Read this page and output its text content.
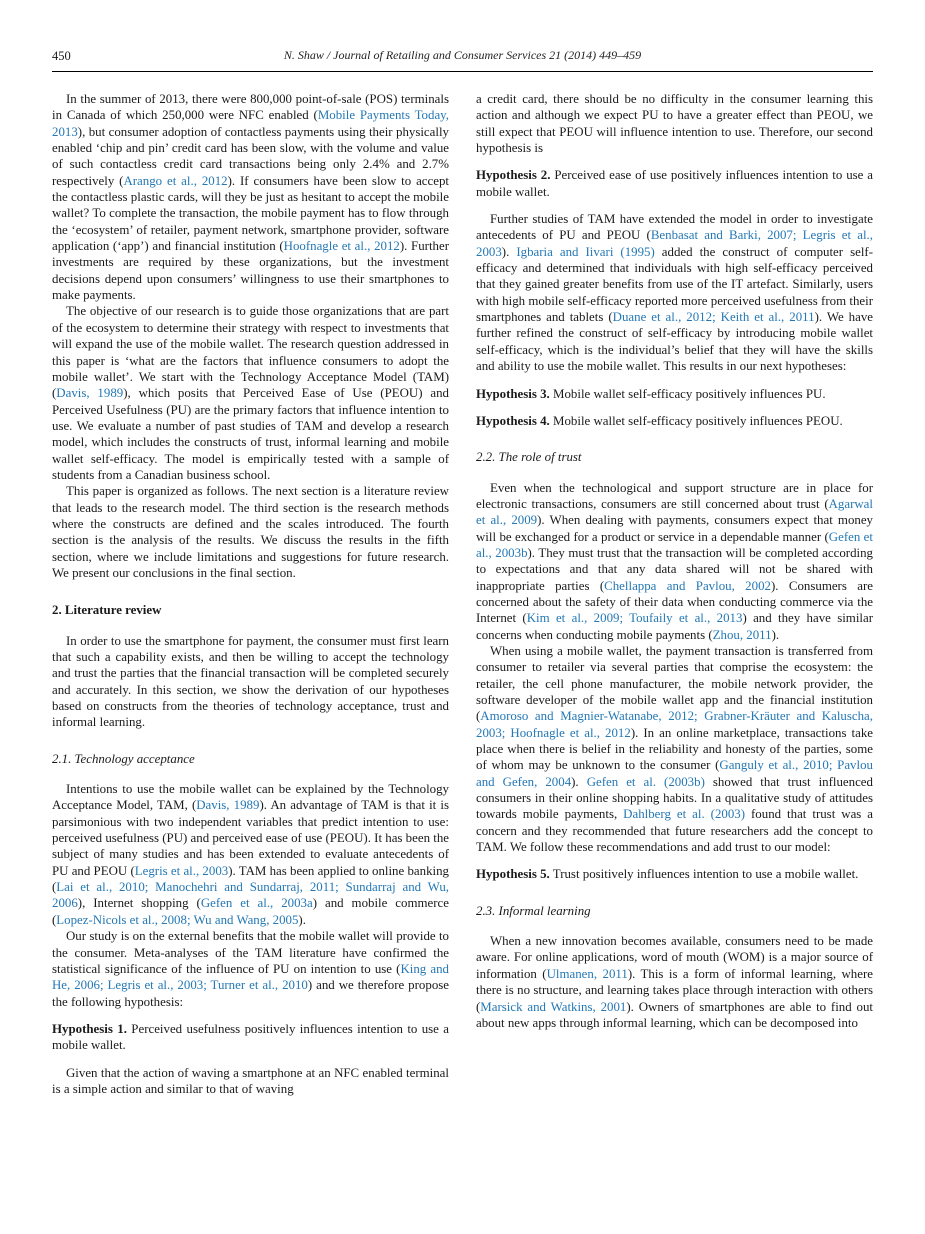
450	N. Shaw / Journal of Retailing and Consumer Services 21 (2014) 449–459

In the summer of 2013, there were 800,000 point-of-sale (POS) terminals in Canada of which 250,000 were NFC enabled (Mobile Payments Today, 2013), but consumer adoption of contactless payments using their physically enabled ‘chip and pin’ credit card has been slow, with the volume and value of such contactless credit card transactions being only 2.4% and 2.7% respectively (Arango et al., 2012). If consumers have been slow to accept the contactless plastic cards, will they be just as hesitant to accept the mobile wallet? To complete the transaction, the mobile payment has to flow through the ‘ecosystem’ of retailer, payment network, smartphone provider, software application (‘app’) and financial institution (Hoofnagle et al., 2012). Further investments are required by these organizations, but the investment decisions depend upon consumers’ willingness to use their smartphones to make payments.

The objective of our research is to guide those organizations that are part of the ecosystem to determine their strategy with respect to investments that will expand the use of the mobile wallet. The research question addressed in this paper is ‘what are the factors that influence consumers to adopt the mobile wallet’. We start with the Technology Acceptance Model (TAM) (Davis, 1989), which posits that Perceived Ease of Use (PEOU) and Perceived Usefulness (PU) are the primary factors that influence intention to use. We evaluate a number of past studies of TAM and develop a research model, which includes the constructs of trust, informal learning and mobile wallet self-efficacy. The model is empirically tested with a sample of students from a Canadian business school.

This paper is organized as follows. The next section is a literature review that leads to the research model. The third section is the research methods where the constructs are defined and the scales introduced. The fourth section is the analysis of the results. We discuss the results in the fifth section, where we include limitations and suggestions for future research. We present our conclusions in the final section.

2. Literature review

In order to use the smartphone for payment, the consumer must first learn that such a capability exists, and then be willing to accept the technology and trust the parties that the financial transaction will be completed securely and accurately. In this section, we show the derivation of our hypotheses based on constructs from the theories of technology acceptance, trust and informal learning.

2.1. Technology acceptance

Intentions to use the mobile wallet can be explained by the Technology Acceptance Model, TAM, (Davis, 1989). An advantage of TAM is that it is parsimonious with two independent variables that predict intention to use: perceived usefulness (PU) and perceived ease of use (PEOU). It has been the subject of many studies and has been extended to evaluate antecedents of PU and PEOU (Legris et al., 2003). TAM has been applied to online banking (Lai et al., 2010; Manochehri and Sundarraj, 2011; Sundarraj and Wu, 2006), Internet shopping (Gefen et al., 2003a) and mobile commerce (Lopez-Nicols et al., 2008; Wu and Wang, 2005).

Our study is on the external benefits that the mobile wallet will provide to the consumer. Meta-analyses of the TAM literature have confirmed the statistical significance of the influence of PU on intention to use (King and He, 2006; Legris et al., 2003; Turner et al., 2010) and we therefore propose the following hypothesis:

Hypothesis 1. Perceived usefulness positively influences intention to use a mobile wallet.

Given that the action of waving a smartphone at an NFC enabled terminal is a simple action and similar to that of waving

a credit card, there should be no difficulty in the consumer learning this action and although we expect PU to have a greater effect than PEOU, we still expect that PEOU will influence intention to use. Therefore, our second hypothesis is

Hypothesis 2. Perceived ease of use positively influences intention to use a mobile wallet.

Further studies of TAM have extended the model in order to investigate antecedents of PU and PEOU (Benbasat and Barki, 2007; Legris et al., 2003). Igbaria and Iivari (1995) added the construct of computer self-efficacy and determined that individuals with high self-efficacy perceived that they gained greater benefits from use of the IT artefact. Similarly, users with high mobile self-efficacy reported more perceived usefulness from their smartphones and tablets (Duane et al., 2012; Keith et al., 2011). We have further refined the construct of self-efficacy by introducing mobile wallet self-efficacy, which is the individual’s belief that they will have the skills and ability to use the mobile wallet. This results in our next hypotheses:

Hypothesis 3. Mobile wallet self-efficacy positively influences PU.

Hypothesis 4. Mobile wallet self-efficacy positively influences PEOU.

2.2. The role of trust

Even when the technological and support structure are in place for electronic transactions, consumers are still concerned about trust (Agarwal et al., 2009). When dealing with payments, consumers expect that money will be exchanged for a product or service in a dependable manner (Gefen et al., 2003b). They must trust that the transaction will be completed according to expectations and that any data shared will not be shared with inappropriate parties (Chellappa and Pavlou, 2002). Consumers are concerned about the safety of their data when conducting commerce via the Internet (Kim et al., 2009; Toufaily et al., 2013) and they have similar concerns when conducting mobile payments (Zhou, 2011).

When using a mobile wallet, the payment transaction is transferred from consumer to retailer via several parties that comprise the ecosystem: the retailer, the cell phone manufacturer, the mobile network provider, the software developer of the mobile wallet app and the financial institution (Amoroso and Magnier-Watanabe, 2012; Grabner-Kräuter and Kaluscha, 2003; Hoofnagle et al., 2012). In an online marketplace, transactions take place when there is belief in the reliability and honesty of the parties, some of whom may be unknown to the consumer (Ganguly et al., 2010; Pavlou and Gefen, 2004). Gefen et al. (2003b) showed that trust influenced consumers in their online shopping habits. In a qualitative study of attitudes towards mobile payments, Dahlberg et al. (2003) found that trust was a concern and they recommended that future researchers add the concept to TAM. We follow these recommendations and add trust to our model:

Hypothesis 5. Trust positively influences intention to use a mobile wallet.

2.3. Informal learning

When a new innovation becomes available, consumers need to be made aware. For online applications, word of mouth (WOM) is a major source of information (Ulmanen, 2011). This is a form of informal learning, where there is no structure, and learning takes place through interaction with others (Marsick and Watkins, 2001). Owners of smartphones are able to find out about new apps through informal learning, which can be decomposed into
